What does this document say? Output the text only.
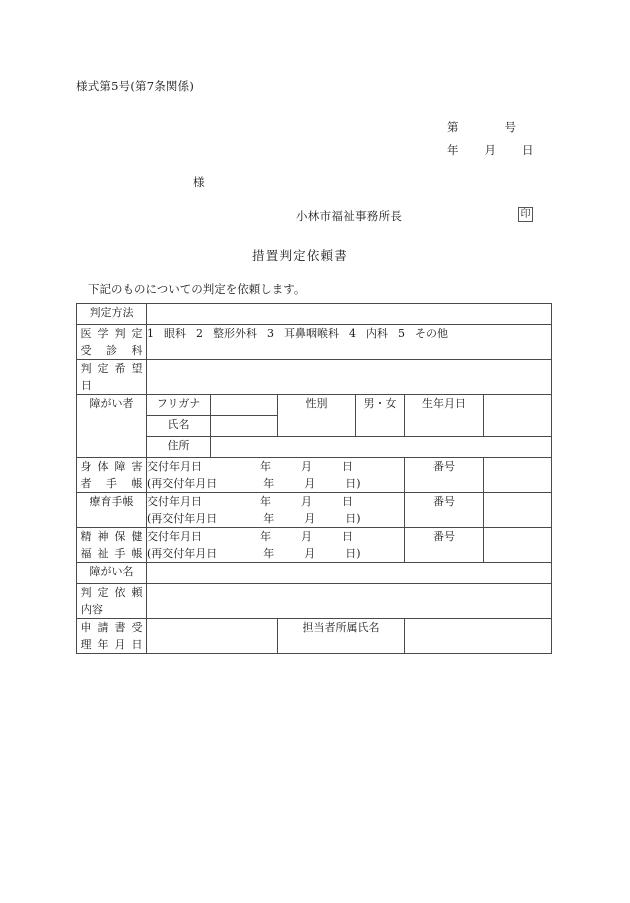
様式第5号(第7条関係)
第	号
年 月 日
様
小林市福祉事務所長	印
措置判定依頼書
下記のものについての判定を依頼します。
判定方法						

医学判定
受診科	1 眼科 2 整形外科 3 耳鼻咽喉科 4 内科 5 その他					

判定希望
日						

障がい者	フリガナ		性別	男・女	生年月日	
	氏名					
	住所					

身体障害
者手帳	交付年月日 年 月 日
(再交付年月日 年 月 日)				番号	

療育手帳	交付年月日 年 月 日
(再交付年月日 年 月 日)				番号	

精神保健
福祉手帳	交付年月日 年 月 日
(再交付年月日 年 月 日)				番号	

障がい名						

判定依頼
内容						

申請書受
理年月日			担当者所属氏名			
